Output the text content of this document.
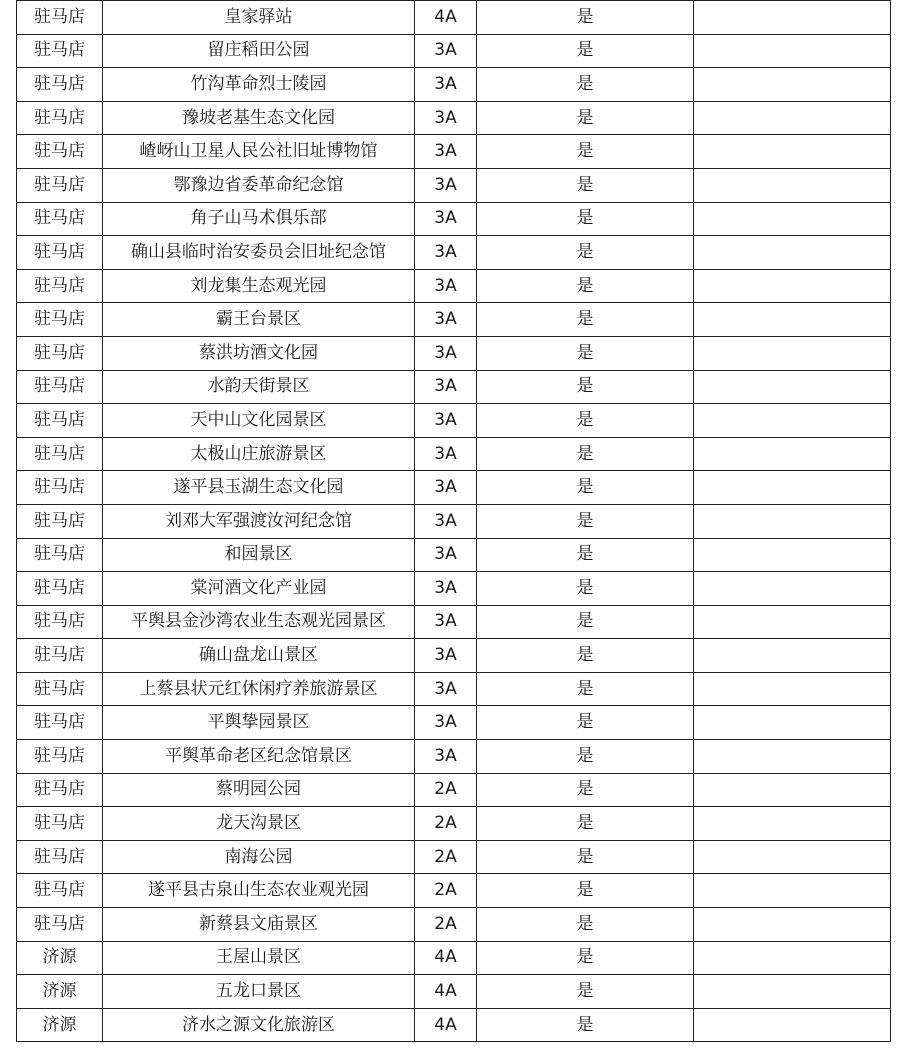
驻马店	皇家驿站	4A	是	
驻马店	留庄稻田公园	3A	是	
驻马店	竹沟革命烈士陵园	3A	是	
驻马店	豫坡老基生态文化园	3A	是	
驻马店	嵖岈山卫星人民公社旧址博物馆	3A	是	
驻马店	鄂豫边省委革命纪念馆	3A	是	
驻马店	角子山马术俱乐部	3A	是	
驻马店	确山县临时治安委员会旧址纪念馆	3A	是	
驻马店	刘龙集生态观光园	3A	是	
驻马店	霸王台景区	3A	是	
驻马店	蔡洪坊酒文化园	3A	是	
驻马店	水韵天街景区	3A	是	
驻马店	天中山文化园景区	3A	是	
驻马店	太极山庄旅游景区	3A	是	
驻马店	遂平县玉湖生态文化园	3A	是	
驻马店	刘邓大军强渡汝河纪念馆	3A	是	
驻马店	和园景区	3A	是	
驻马店	棠河酒文化产业园	3A	是	
驻马店	平舆县金沙湾农业生态观光园景区	3A	是	
驻马店	确山盘龙山景区	3A	是	
驻马店	上蔡县状元红休闲疗养旅游景区	3A	是	
驻马店	平舆挚园景区	3A	是	
驻马店	平舆革命老区纪念馆景区	3A	是	
驻马店	蔡明园公园	2A	是	
驻马店	龙天沟景区	2A	是	
驻马店	南海公园	2A	是	
驻马店	遂平县古泉山生态农业观光园	2A	是	
驻马店	新蔡县文庙景区	2A	是	
济源	王屋山景区	4A	是	
济源	五龙口景区	4A	是	
济源	济水之源文化旅游区	4A	是	
